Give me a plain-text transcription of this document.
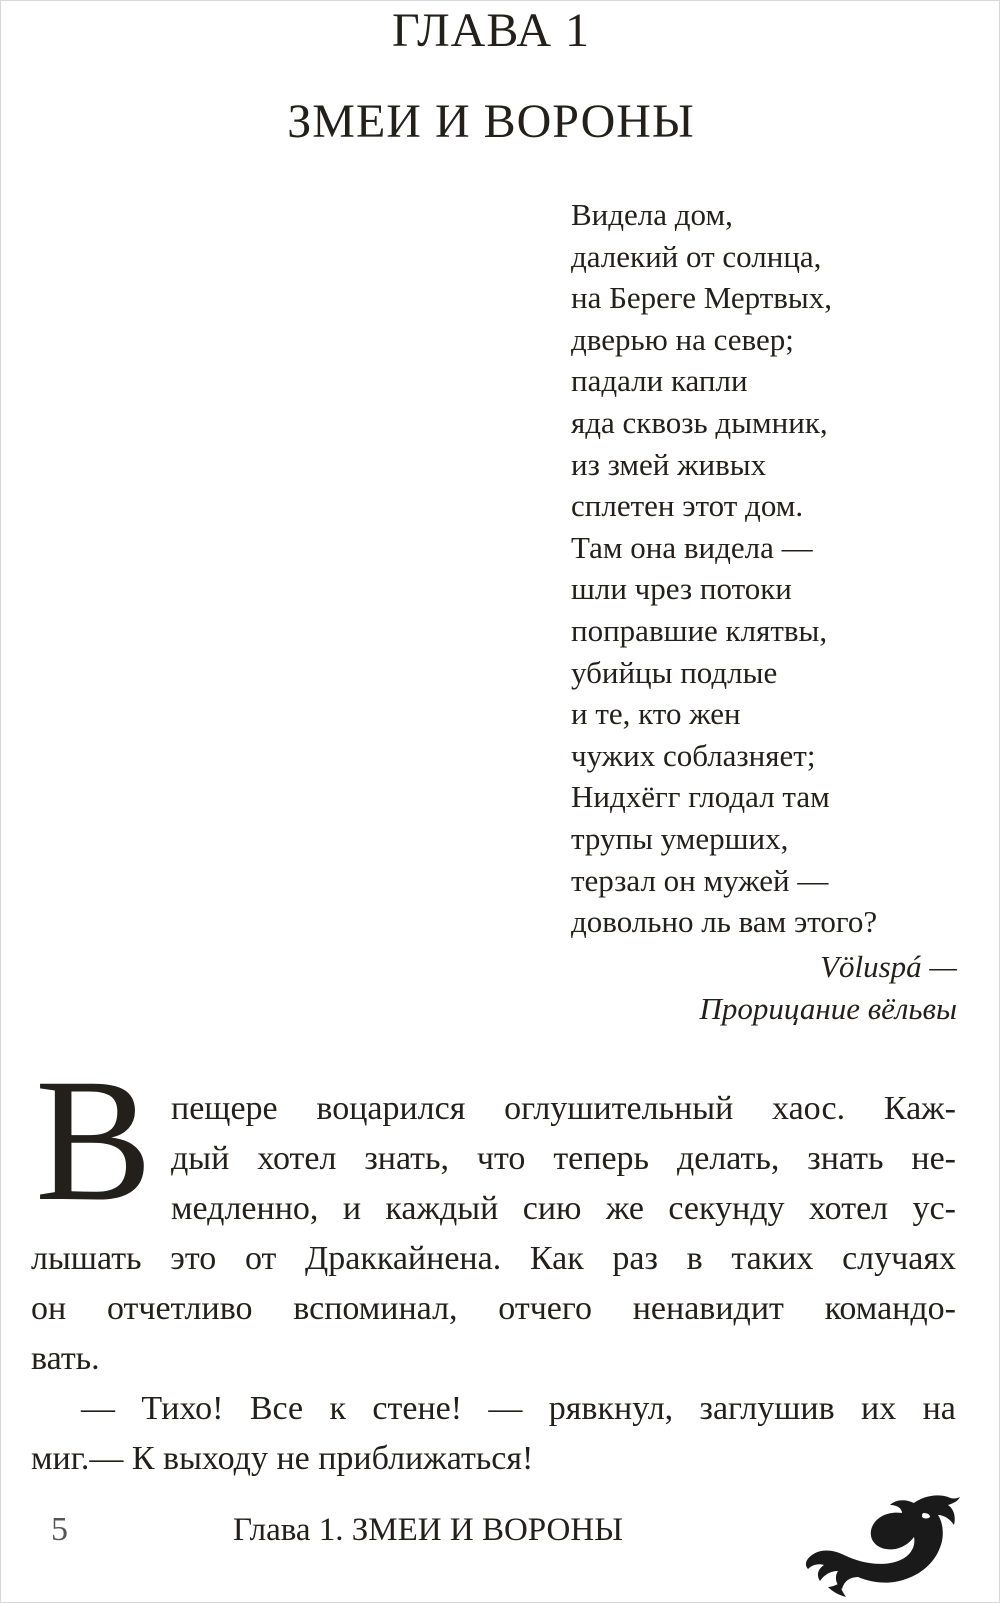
ГЛАВА 1
ЗМЕИ И ВОРОНЫ
Видела дом,
далекий от солнца,
на Береге Мертвых,
дверью на север;
падали капли
яда сквозь дымник,
из змей живых
сплетен этот дом.
Там она видела —
шли чрез потоки
поправшие клятвы,
убийцы подлые
и те, кто жен
чужих соблазняет;
Нидхёгг глодал там
трупы умерших,
терзал он мужей —
довольно ль вам этого?
Völuspá —
Прорицание вёльвы
В пещере воцарился оглушительный хаос. Каж-
дый хотел знать, что теперь делать, знать не-
медленно, и каждый сию же секунду хотел ус-
лышать это от Драккайнена. Как раз в таких случаях
он отчетливо вспоминал, отчего ненавидит командо-
вать.
— Тихо! Все к стене! — рявкнул, заглушив их на
миг.— К выходу не приближаться!
5	Глава 1. ЗМЕИ И ВОРОНЫ
